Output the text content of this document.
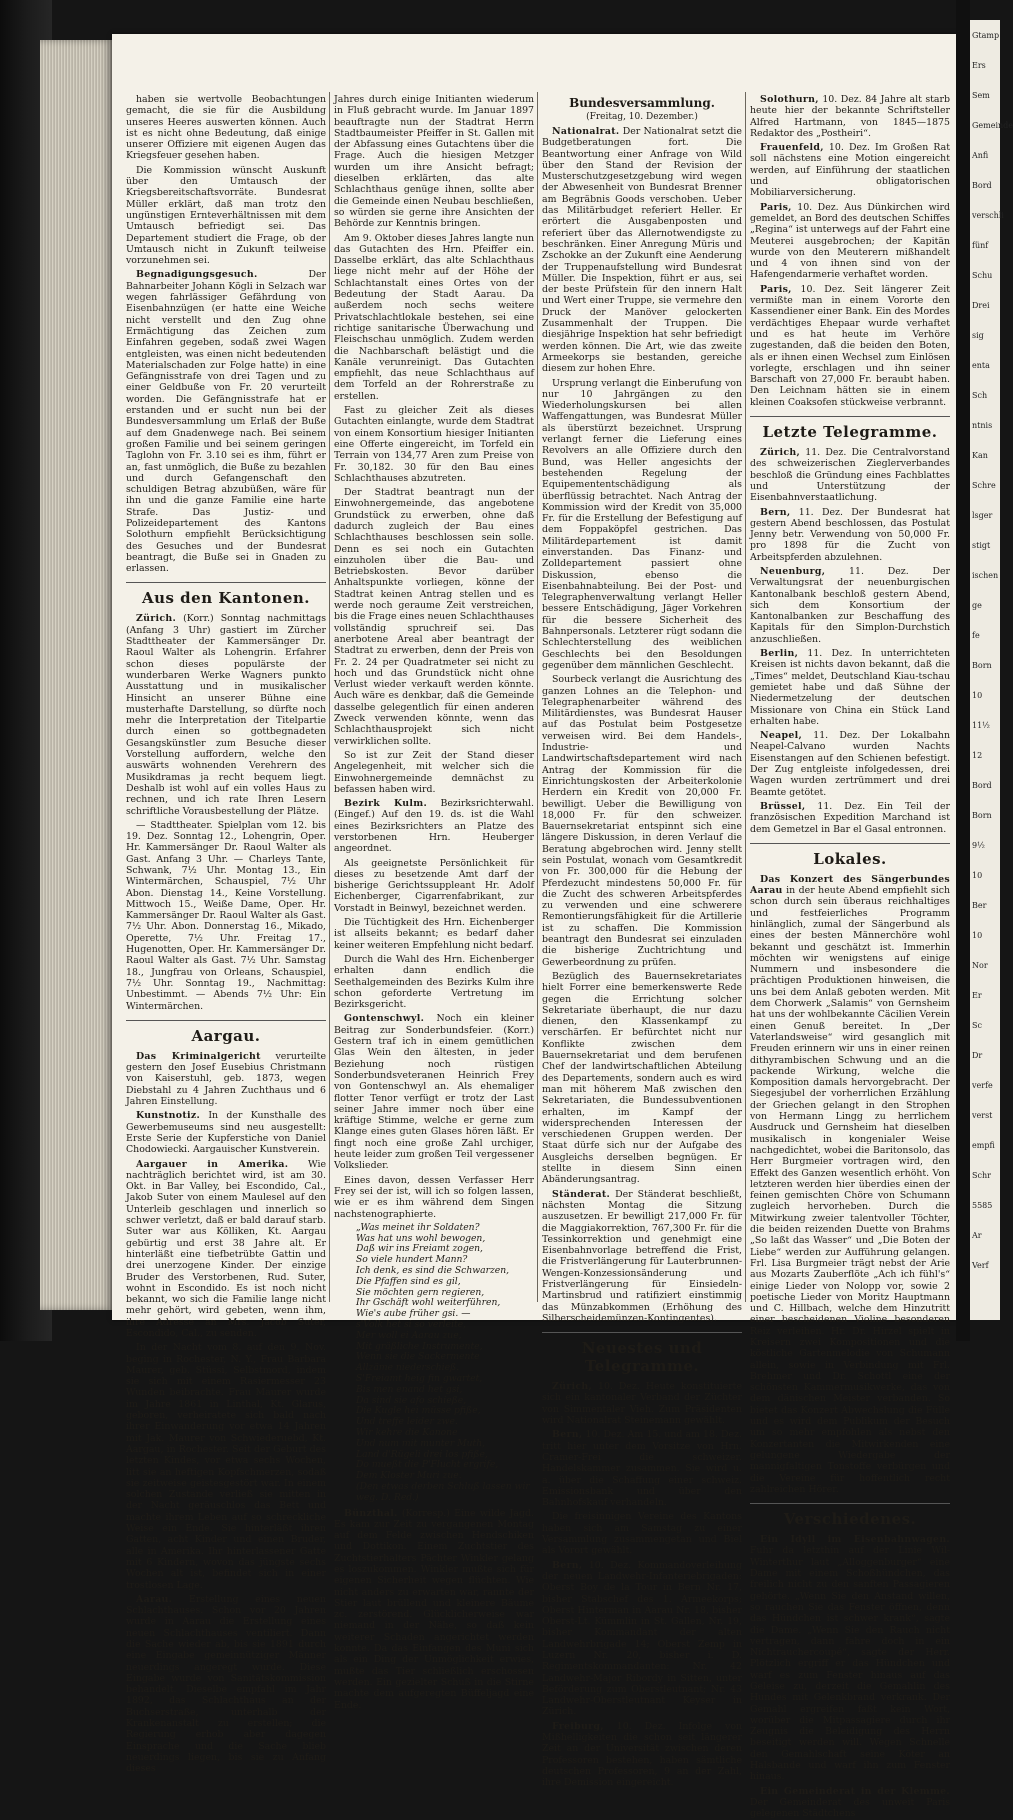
haben sie wertvolle Beobachtungen gemacht, die sie für die Ausbildung unseres Heeres auswerten können. Auch ist es nicht ohne Bedeutung, daß einige unserer Offiziere mit eigenen Augen das Kriegsfeuer gesehen haben.

Die Kommission wünscht Auskunft über den Umtausch der Kriegsbereitschaftsvorräte. Bundesrat Müller erklärt, daß man trotz den ungünstigen Ernteverhältnissen mit dem Umtausch befriedigt sei. Das Departement studiert die Frage, ob der Umtausch nicht in Zukunft teilweise vorzunehmen sei.

Begnadigungsgesuch.	Der Bahnarbeiter Johann Kögli in Selzach war wegen fahrlässiger Gefährdung von Eisenbahnzügen (er hatte eine Weiche nicht verstellt und den Zug ohne Ermächtigung das Zeichen zum Einfahren gegeben, sodaß zwei Wagen entgleisten, was einen nicht bedeutenden Materialschaden zur Folge hatte) in eine Gefängnisstrafe von drei Tagen und zu einer Geldbuße von Fr. 20 verurteilt worden. Die Gefängnisstrafe hat er erstanden und er sucht nun bei der Bundesversammlung um Erlaß der Buße auf dem Gnadenwege nach. Bei seinem großen Familie und bei seinem geringen Taglohn von Fr. 3.10 sei es ihm, führt er an, fast unmöglich, die Buße zu bezahlen und durch Gefangenschaft den schuldigen Betrag abzubüßen, wäre für ihn und die ganze Familie eine harte Strafe. Das Justiz- und Polizeidepartement des Kantons Solothurn empfiehlt Berücksichtigung des Gesuches und der Bundesrat beantragt, die Buße sei in Gnaden zu erlassen.

Aus den Kantonen.

Zürich. (Korr.) Sonntag nachmittags (Anfang 3 Uhr) gastiert im Zürcher Stadttheater der Kammersänger Dr. Raoul Walter als Lohengrin. Erfahrer schon dieses populärste der wunderbaren Werke Wagners punkto Ausstattung und in musikalischer Hinsicht an unserer Bühne eine musterhafte Darstellung, so dürfte noch mehr die Interpretation der Titelpartie durch einen so gottbegnadeten Gesangskünstler zum Besuche dieser Vorstellung auffordern, welche den auswärts wohnenden Verehrern des Musikdramas ja recht bequem liegt. Deshalb ist wohl auf ein volles Haus zu rechnen, und ich rate Ihren Lesern schriftliche Vorausbestellung der Plätze.

— Stadttheater. Spielplan vom 12. bis 19. Dez. Sonntag 12., Lohengrin, Oper. Hr. Kammersänger Dr. Raoul Walter als Gast. Anfang 3 Uhr. — Charleys Tante, Schwank, 7½ Uhr. Montag 13., Ein Wintermärchen, Schauspiel, 7½ Uhr Abon. Dienstag 14., Keine Vorstellung. Mittwoch 15., Weiße Dame, Oper. Hr. Kammersänger Dr. Raoul Walter als Gast. 7½ Uhr. Abon. Donnerstag 16., Mikado, Operette, 7½ Uhr. Freitag 17., Hugenotten, Oper. Hr. Kammersänger Dr. Raoul Walter als Gast. 7½ Uhr. Samstag 18., Jungfrau von Orleans, Schauspiel, 7½ Uhr. Sonntag 19., Nachmittag: Unbestimmt. — Abends 7½ Uhr: Ein Wintermärchen.

Aargau.

Das Kriminalgericht verurteilte gestern den Josef Eusebius Christmann von Kaiserstuhl, geb. 1873, wegen Diebstahl zu 4 Jahren Zuchthaus und 6 Jahren Einstellung.

Kunstnotiz. In der Kunsthalle des Gewerbemuseums sind neu ausgestellt: Erste Serie der Kupferstiche von Daniel Chodowiecki. Aargauischer Kunstverein.

Aargauer in Amerika. Wie nachträglich berichtet wird, ist am 30. Okt. in Bar Valley, bei Escondido, Cal., Jakob Suter von einem Maulesel auf den Unterleib geschlagen und innerlich so schwer verletzt, daß er bald darauf starb. Suter war aus Kölliken, Kt. Aargau gebürtig und erst 38 Jahre alt. Er hinterläßt eine tiefbetrübte Gattin und drei unerzogene Kinder. Der einzige Bruder des Verstorbenen, Rud. Suter, wohnt in Escondido. Es ist noch nicht bekannt, wo sich die Familie lange nicht mehr gehört, wird gebeten, wenn ihm, ihre Adresse an Mrs. Jacob Suter, Escondido, Cal., zu senden.

In der Nacht vom 8. auf den 9. Nov. beging in Rochester, N. Y., Frau Barbara Maurer, geb. Stüssi, Selbstmord, indem sie sich mit einem Rasiermesser 23 Wunden beibrachte. Frau Maurer wurde im Jahre 1861 in Linthal, Kt. Glarus, geboren, verheiratete sich bald nach ihrer Einwanderung vor etwa 14 Jahren mit Jak. Maurer von Schwiederuebd, Kt. Aargau, in Rochester. Seit der Geburt des letzten Kindes, vor etwa sechs Wochen, litt sie an heftigen Kopfschmerzen, sodaß sie zeitweise geistesgestört war. In einem solchen Zustande verließ sie mitten in der Nacht geräuschlos das Bett und machte ihrem Leben auf so schreckliche Weise ein Ende. Sie hinterläßt ihren Gatten, acht Kinder und einen Bruder, alle in Amerika. Ihr hinterlassener Gatte mit 6 Kindern, wovon das jüngste sechs Wochen alt ist, befindet sich in einer trostlosen Lage.

Aarau. Erstellung eines neuen Schlachthauses. Schon vor 20 Jahren wurde in Aarau die Erstellung eines neuen Schlachthauses ventiliert. Dann die Sache wieder ab, bis sie 1891 durch eine Eingabe gemeinnütziger Männer neuerdings angeregt wurde. Diese Eingabe wurde von Sanitätskommission behandelt. Dieselbe empfahl im Jahr 1892, das Schlachthaus an der Buchserstraße, unterhalb der Krankenanstalt zu erstellen; die Regierung erhob aber dagegen Einsprache und die Sache blieb neuerdings liegen, bis sie zu Anfang dieses

Jahres durch einige Initianten wiederum in Fluß gebracht wurde. Im Januar 1897 beauftragte nun der Stadtrat Herrn Stadtbaumeister Pfeiffer in St. Gallen mit der Abfassung eines Gutachtens über die Frage. Auch die hiesigen Metzger wurden um ihre Ansicht befragt; dieselben erklärten, das alte Schlachthaus genüge ihnen, sollte aber die Gemeinde einen Neubau beschließen, so würden sie gerne ihre Ansichten der Behörde zur Kenntnis bringen.

Am 9. Oktober dieses Jahres langte nun das Gutachten des Hrn. Pfeiffer ein. Dasselbe erklärt, das alte Schlachthaus liege nicht mehr auf der Höhe der Schlachtanstalt eines Ortes von der Bedeutung der Stadt Aarau. Da außerdem noch sechs weitere Privatschlachtlokale bestehen, sei eine richtige sanitarische Überwachung und Fleischschau unmöglich. Zudem werden die Nachbarschaft belästigt und die Kanäle verunreinigt. Das Gutachten empfiehlt, das neue Schlachthaus auf dem Torfeld an der Rohrerstraße zu erstellen.

Fast zu gleicher Zeit als dieses Gutachten einlangte, wurde dem Stadtrat von einem Konsortium hiesiger Initianten eine Offerte eingereicht, im Torfeld ein Terrain von 134,77 Aren zum Preise von Fr. 30,182. 30 für den Bau eines Schlachthauses abzutreten.

Der Stadtrat beantragt nun der Einwohnergemeinde, das angebotene Grundstück zu erwerben, ohne daß dadurch zugleich der Bau eines Schlachthauses beschlossen sein solle. Denn es sei noch ein Gutachten einzuholen über die Bau- und Betriebskosten. Bevor darüber Anhaltspunkte vorliegen, könne der Stadtrat keinen Antrag stellen und es werde noch geraume Zeit verstreichen, bis die Frage eines neuen Schlachthauses vollständig spruchreif sei. Das anerbotene Areal aber beantragt der Stadtrat zu erwerben, denn der Preis von Fr. 2. 24 per Quadratmeter sei nicht zu hoch und das Grundstück nicht ohne Verlust wieder verkauft werden könnte. Auch wäre es denkbar, daß die Gemeinde dasselbe gelegentlich für einen anderen Zweck verwenden könnte, wenn das Schlachthausprojekt sich nicht verwirklichen sollte.

So ist zur Zeit der Stand dieser Angelegenheit, mit welcher sich die Einwohnergemeinde demnächst zu befassen haben wird.

Bezirk Kulm. Bezirksrichterwahl. (Eingef.) Auf den 19. ds. ist die Wahl eines Bezirksrichters an Platze des verstorbenen Hrn. Heuberger angeordnet.

Als geeignetste Persönlichkeit für dieses zu besetzende Amt darf der bisherige Gerichtssuppleant Hr. Adolf Eichenberger, Cigarrenfabrikant, zur Vorstadt in Beinwyl, bezeichnet werden.

Die Tüchtigkeit des Hrn. Eichenberger ist allseits bekannt; es bedarf daher keiner weiteren Empfehlung nicht bedarf.

Durch die Wahl des Hrn. Eichenberger erhalten dann endlich die Seethalgemeinden des Bezirks Kulm ihre schon geforderte Vertretung im Bezirksgericht.

Gontenschwyl. Noch ein kleiner Beitrag zur Sonderbundsfeier. (Korr.) Gestern traf ich in einem gemütlichen Glas Wein den ältesten, in jeder Beziehung noch rüstigen Sonderbundsveteranen Heinrich Frey von Gontenschwyl an. Als ehemaliger flotter Tenor verfügt er trotz der Last seiner Jahre immer noch über eine kräftige Stimme, welche er gerne zum Klange eines guten Glases hören läßt. Er fingt noch eine große Zahl urchiger, heute leider zum großen Teil vergessener Volkslieder.

Eines davon, dessen Verfasser Herr Frey sei der ist, will ich so folgen lassen, wie er es ihm während dem Singen nachstenographierte.

„Was meinet ihr Soldaten?
Was hat uns wohl bewogen,
Daß wir ins Freiamt zogen,
So viele hundert Mann?
Ich denk, es sind die Schwarzen,
Die Pfaffen sind es gil,
Sie möchten gern regieren,
Ihr Gschäft wohl weiterführen,
Wie's aube früher gsi. —
s'Volk het si so verleite,
Mer woll ei Aarau zue,
Mit gräßliche Instrumente,
Wenn sie die Sackermente
Allzäme niederschieß.
S'Freiamt heig fin gwartet,
Bis men enand het gsi,
Da sind sie afo schieße,
Die Kugle hei müsse pfiße,
Und treffe leider zwe.
Wir kehre die Kanone
Und num mit munter Muth,
Land d'Rügeli drei los pfiße,
Do mueßt die P'Flucht ergrife,
Dem Kloster Muri zue.
(Den etwas derben Schluß lassen wir weg. D. Red.)

Bünzthal. (Korresp.) Eine wilde Jagd. Es kam zur Zeit zu vergangenen Montag auf dem Felde zwischen Hendschiken und Dottikon. Einem Zuchtstier des Zuchtstierhalters Pächter Winkler gelang es loszukommen. Winkler mußte sich für eigenen Sicherheit wegen flüchten. Wie nicht anders zu erwarten war, rannte der Stier laut brüllend und kleinere Bäume zc. zerstörend. Glücklicherweise war niemand in der Nähe, so daß kein weiterer Schaden angerichtet werden konnte. Da das Einfangen des Muni sich als ein Ding der Unmöglichkeit erwies, mußte das Tier schließlich erschossen werden. Ein gezielter Schuß in die Stirne machte dem aufgeregten Büffeljagd eine Ende.

Bundesversammlung.
(Freitag, 10. Dezember.)

Nationalrat. Der Nationalrat setzt die Budgetberatungen fort. Die Beantwortung einer Anfrage von Wild über den Stand der Revision der Musterschutzgesetzgebung wird wegen der Abwesenheit von Bundesrat Brenner am Begräbnis Goods verschoben. Ueber das Militärbudget referiert Heller. Er erörtert die Ausgabenposten und referiert über das Allernotwendigste zu beschränken. Einer Anregung Müris und Zschokke an der Zukunft eine Aenderung der Truppenaufstellung wird Bundesrat Müller. Die Inspektion, führt er aus, sei der beste Prüfstein für den innern Halt und Wert einer Truppe, sie vermehre den Druck der Manöver gelockerten Zusammenhalt der Truppen. Die diesjährige Inspektion hat sehr befriedigt werden können. Die Art, wie das zweite Armeekorps sie bestanden, gereiche diesem zur hohen Ehre.

Ursprung verlangt die Einberufung von nur 10 Jahrgängen zu den Wiederholungskursen bei allen Waffengattungen, was Bundesrat Müller als überstürzt bezeichnet. Ursprung verlangt ferner die Lieferung eines Revolvers an alle Offiziere durch den Bund, was Heller angesichts der bestehenden Regelung der Equipemententschädigung als überflüssig betrachtet. Nach Antrag der Kommission wird der Kredit von 35,000 Fr. für die Erstellung der Befestigung auf dem Foppaköpfel gestrichen. Das Militärdepartement ist damit einverstanden. Das Finanz- und Zolldepartement passiert ohne Diskussion, ebenso die Eisenbahnabteilung. Bei der Post- und Telegraphenverwaltung verlangt Heller bessere Entschädigung, Jäger Vorkehren für die bessere Sicherheit des Bahnpersonals. Letzterer rügt sodann die Schlechterstellung des weiblichen Geschlechts bei den Besoldungen gegenüber dem männlichen Geschlecht.

Sourbeck verlangt die Ausrichtung des ganzen Lohnes an die Telephon- und Telegraphenarbeiter während des Militärdienstes, was Bundesrat Hauser auf das Postulat beim Postgesetze verweisen wird. Bei dem Handels-, Industrie- und Landwirtschaftsdepartement wird nach Antrag der Kommission für die Einrichtungskosten der Arbeiterkolonie Herdern ein Kredit von 20,000 Fr. bewilligt. Ueber die Bewilligung von 18,000 Fr. für den schweizer. Bauernsekretariat entspinnt sich eine längere Diskussion, in deren Verlauf die Beratung abgebrochen wird. Jenny stellt sein Postulat, wonach vom Gesamtkredit von Fr. 300,000 für die Hebung der Pferdezucht mindestens 50,000 Fr. für die Zucht des schweren Arbeitspferdes zu verwenden und eine schwerere Remontierungsfähigkeit für die Artillerie ist zu schaffen. Die Kommission beantragt den Bundesrat sei einzuladen die bisherige Zuchtrichtung und Gewerbeordnung zu prüfen.

Bezüglich des Bauernsekretariates hielt Forrer eine bemerkenswerte Rede gegen die Errichtung solcher Sekretariate überhaupt, die nur dazu dienen, den Klassenkampf zu verschärfen. Er befürchtet nicht nur Konflikte zwischen dem Bauernsekretariat und dem berufenen Chef der landwirtschaftlichen Abteilung des Departements, sondern auch es wird man mit höherem Maß zwischen den Sekretariaten, die Bundessubventionen erhalten, im Kampf der widersprechenden Interessen der verschiedenen Gruppen werden. Der Staat dürfe sich nur der Aufgabe des Ausgleichs derselben begnügen. Er stellte in diesem Sinn einen Abänderungsantrag.

Ständerat. Der Ständerat beschließt, nächsten Montag die Sitzung auszusetzen. Er bewilligt 217,000 Fr. für die Maggiakorrektion, 767,300 Fr. für die Tessinkorrektion und genehmigt eine Eisenbahnvorlage betreffend die Frist, die Fristverlängerung für Lauterbrunnen-Wengen-Konzessionsänderung und Fristverlängerung für Einsiedeln-Martinsbrud und ratifiziert einstimmig das Münzabkommen (Erhöhung des Silberscheidemünzen-Kontingentes).

Neuestes und Telegramme.

Zürich, 10. Dez. Heute konstituierte sich ein kantonaler Verband der Züchter von Simmentaler Vieh. Zum Präsidenten wird Nationalrat Steinemann gewählt.

Bern, 10. Dez. Am 15. und am 18. Dez. tritt hier unter dem Vorsitze von Hrn. Cramer-Frei die schweizer. Handelskammer zusammen. Sie wird u. a. über die Schaffung einer schweiz. Emissionsbank und über den Bahnhofskauf verhandeln.

Die freisinnigen Vereine des Kantons haben sich am Samstag zu einer Versammlung zusammengetan und Biel als Vorort gewählt.

Bern, 10. Dez. Kommandoverleihung der neuen Landwehr-Infanteriebrigaden: Oberst Boy de la Tour in Bern Nr. 17, bisher Stabschef des 1. Armeekorps; Oberst Hinterman in Aarau Nr. 18, bisher Oberst-Lt. Kümmlin in St. Gallen, Nr. 19, bisher Kommandant der alten Landwehrbrigade 14; Oberst Zemp in Luzern Nr. 20, bisher i. D. Regimentskommandanten: Nr. 42 Landwehr-Major Ribordy in Sitten, unter Beförderung zum Oberstleutnant; Nr. 43 Landwehr-Oberstleutnant Keyser in Zürich.

Freiburg, 10. Dez. Infolge von Mißhelligkeiten die schon seit längerer Zeit an der Universität zwischen deren Professoren bestehen, haben sämtliche deutschen Professoren, 9 an der Zahl, ihre Demission eingereicht.

Solothurn, 10. Dez. 84 Jahre alt starb heute hier der bekannte Schriftsteller Alfred Hartmann, von 1845—1875 Redaktor des „Postheiri“.

Frauenfeld, 10. Dez. Im Großen Rat soll nächstens eine Motion eingereicht werden, auf Einführung der staatlichen und obligatorischen Mobiliarversicherung.

Paris, 10. Dez. Aus Dünkirchen wird gemeldet, an Bord des deutschen Schiffes „Regina“ ist unterwegs auf der Fahrt eine Meuterei ausgebrochen; der Kapitän wurde von den Meuterern mißhandelt und 4 von ihnen sind von der Hafengendarmerie verhaftet worden.

Paris, 10. Dez. Seit längerer Zeit vermißte man in einem Vororte den Kassendiener einer Bank. Ein des Mordes verdächtiges Ehepaar wurde verhaftet und es hat heute im Verhöre zugestanden, daß die beiden den Boten, als er ihnen einen Wechsel zum Einlösen vorlegte, erschlagen und ihn seiner Barschaft von 27,000 Fr. beraubt haben. Den Leichnam hätten sie in einem kleinen Coaksofen stückweise verbrannt.

Letzte Telegramme.

Zürich, 11. Dez. Die Centralvorstand des schweizerischen Zieglerverbandes beschloß die Gründung eines Fachblattes und Unterstützung der Eisenbahnverstaatlichung.

Bern, 11. Dez. Der Bundesrat hat gestern Abend beschlossen, das Postulat Jenny betr. Verwendung von 50,000 Fr. pro 1898 für die Zucht von Arbeitspferden abzulehnen.

Neuenburg,	11. Dez. Der Verwaltungsrat der neuenburgischen Kantonalbank beschloß gestern Abend, sich dem Konsortium der Kantonalbanken zur Beschaffung des Kapitals für den Simplon-Durchstich anzuschließen.

Berlin, 11. Dez. In unterrichteten Kreisen ist nichts davon bekannt, daß die „Times“ meldet, Deutschland Kiau-tschau gemietet habe und daß Sühne der Niedermetzelung der deutschen Missionare von China ein Stück Land erhalten habe.

Neapel, 11. Dez. Der Lokalbahn Neapel-Calvano wurden Nachts Eisenstangen auf den Schienen befestigt. Der Zug entgleiste infolgedessen, drei Wagen wurden zertrümmert und drei Beamte getötet.

Brüssel, 11. Dez. Ein Teil der französischen Expedition Marchand ist dem Gemetzel in Bar el Gasal entronnen.

Lokales.

Das Konzert des Sängerbundes Aarau in der heute Abend empfiehlt sich schon durch sein überaus reichhaltiges und festfeierliches Programm hinlänglich, zumal der Sängerbund als eines der besten Männerchöre wohl bekannt und geschätzt ist. Immerhin möchten wir wenigstens auf einige Nummern und insbesondere die prächtigen Produktionen hinweisen, die uns bei dem Anlaß geboten werden. Mit dem Chorwerk „Salamis“ von Gernsheim hat uns der wohlbekannte Cäcilien Verein einen Genuß bereitet. In „Der Vaterlandsweise“ wird gesanglich mit Freuden erinnern wir uns in einer reinen dithyrambischen Schwung und an die packende Wirkung, welche die Komposition damals hervorgebracht. Der Siegesjubel der vorherrlichen Erzählung der Griechen gelangt in den Strophen von Hermann Lingg zu herrlichem Ausdruck und Gernsheim hat dieselben musikalisch in kongenialer Weise nachgedichtet, wobei die Baritonsolo, das Herr Burgmeier vortragen wird, den Effekt des Ganzen wesentlich erhöht. Von letzteren werden hier überdies einen der feinen gemischten Chöre von Schumann zugleich hervorheben. Durch die Mitwirkung zweier talentvoller Töchter, die beiden reizenden Duette von Brahms „So laßt das Wasser“ und „Die Boten der Liebe“ werden zur Aufführung gelangen. Frl. Lisa Burgmeier trägt nebst der Arie aus Mozarts Zauberflöte „Ach ich fühl's“ einige Lieder von Nolopp vor, sowie 2 poetische Lieder von Moritz Hauptmann und C. Hillbach, welche dem Hinzutritt einer bescheidenen Violine besonderen Reiz verleihen. Hr. Dr. Hirzel spielt in Kreisern zwei Kompositionen und die köstliche Gartenmelodie von Schumann allein, sowie in Verbindung mit Frl. Brehmer und Dr. Schottl eine der schönsten Kammermusikwerke, das von dem dänischen Meister verbanden. So bietet das Konzert Abwechslung die Fülle und es wird dem Publikum der Besuch um so mehr empfohlen als nebst den Konzertanten die Mitwirkenden eine gelungene Wiedergabe der mannigfaltigen Tonstoffe verbürgen und die Vereine für hoffentlich recht zahlreichen Hörer.

Verschiedenes.

Ein Idyll im Eisenbahnwagen. Fuhr da letzthin auf der Linie Wil-Winterthur laut „Alloggenburger“ eine Dame mit einem Schoßhündchen, das freilich nicht zu den sanften Passagieren gehörte. „Wenn Sie den Anstand willen, so rauchen Sie das Fenster öffnen, denn das Hündchen ist schwer krank“, sagte die Dame. „Wenn Sie den Rauch nicht vertragen, dann fahre doch in ein Nichtrauchercoupé“, sagte der Herr. Plötzlich ergriff er das Hündchen und warf es zum Fenster hinaus auf das Geleise zu, derzeit die Gemahlin des Hundes mit Gelenkbrand verkrank. Der Gemahl ergreifen faßt kein Wort, worüber die Mitpassagiere durch ihr Zeugnis die Beleidigung des Herrn beseitigt werden will. Wegen Schnelle den Gemahlschaft seine Köter an Halsbande und warf ihn zum Fenster hinaus.

Ein Gemeinderat in der Klemme. Der Gemeinderat des unweit Paris gelegenen Städtchens

Gtamp
Ers
Sem
Gemeinde
Anfi
Bord
verschli
fünf
Schu
Drei
sig
enta
Sch
ntnis
Kan
Schre
lsger
stigt
ischen
ge
fe
Born
10
11½
12
Bord
Born
9½
10
Ber
10
Nor
Er
Sc
Dr
verfe
verst
empfi
Schr
5585
Ar
Verf
